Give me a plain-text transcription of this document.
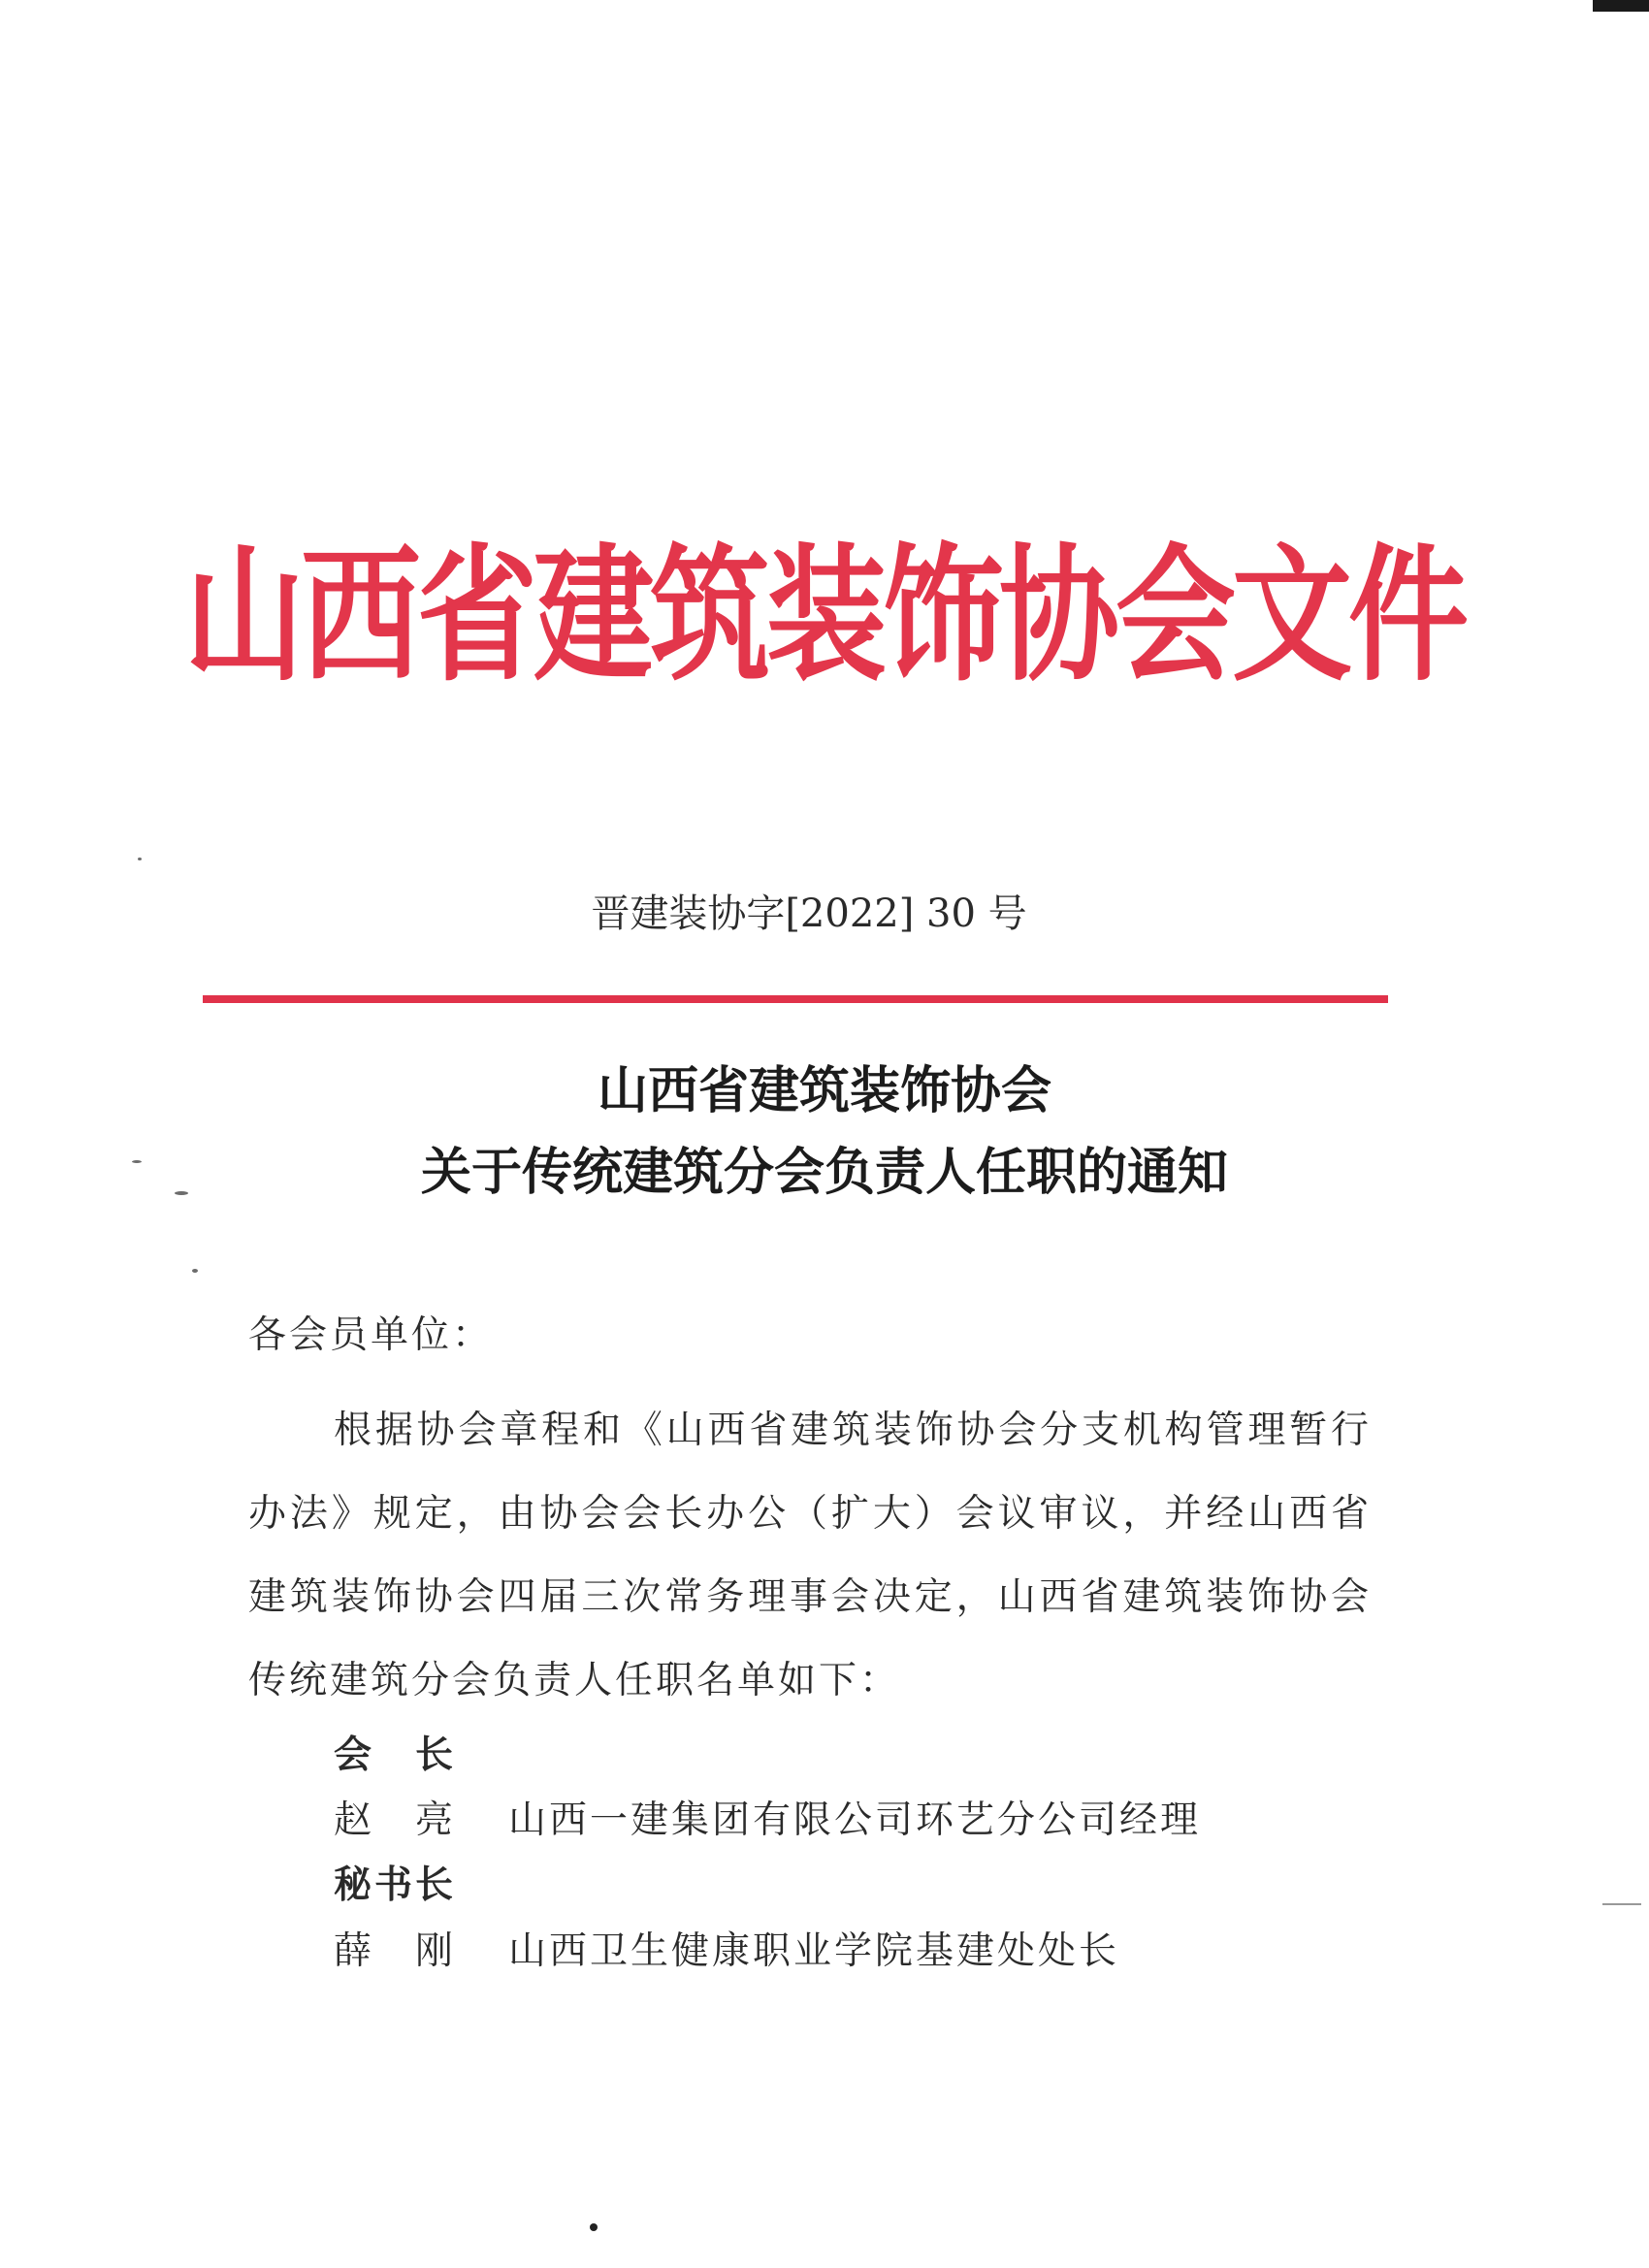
山西省建筑装饰协会文件
晋建装协字[2022] 30 号
山西省建筑装饰协会
关于传统建筑分会负责人任职的通知
各会员单位：

根据协会章程和《山西省建筑装饰协会分支机构管理暂行办法》规定，由协会会长办公（扩大）会议审议，并经山西省建筑装饰协会四届三次常务理事会决定，山西省建筑装饰协会传统建筑分会负责人任职名单如下：

会　长
赵　亮 山西一建集团有限公司环艺分公司经理
秘书长
薛　刚 山西卫生健康职业学院基建处处长
